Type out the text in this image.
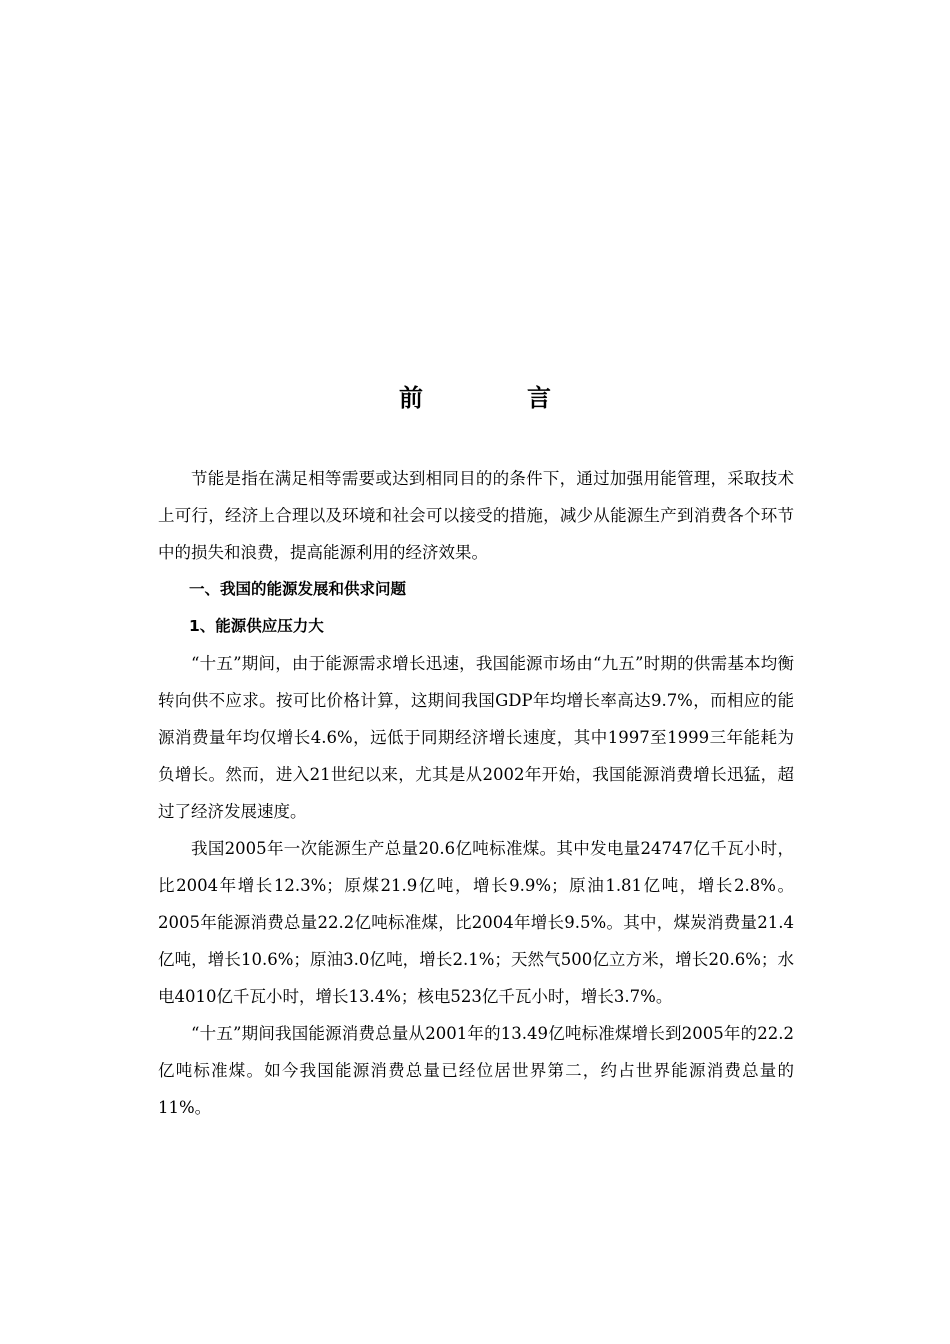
前　言

节能是指在满足相等需要或达到相同目的的条件下，通过加强用能管理，采取技术上可行，经济上合理以及环境和社会可以接受的措施，减少从能源生产到消费各个环节中的损失和浪费，提高能源利用的经济效果。

一、我国的能源发展和供求问题

1、能源供应压力大

“十五”期间，由于能源需求增长迅速，我国能源市场由“九五”时期的供需基本均衡转向供不应求。按可比价格计算，这期间我国GDP年均增长率高达9.7%，而相应的能源消费量年均仅增长4.6%，远低于同期经济增长速度，其中1997至1999三年能耗为负增长。然而，进入21世纪以来，尤其是从2002年开始，我国能源消费增长迅猛，超过了经济发展速度。

我国2005年一次能源生产总量20.6亿吨标准煤。其中发电量24747亿千瓦小时，比2004年增长12.3%；原煤21.9亿吨，增长9.9%；原油1.81亿吨，增长2.8%。2005年能源消费总量22.2亿吨标准煤，比2004年增长9.5%。其中，煤炭消费量21.4亿吨，增长10.6%；原油3.0亿吨，增长2.1%；天然气500亿立方米，增长20.6%；水电4010亿千瓦小时，增长13.4%；核电523亿千瓦小时，增长3.7%。

“十五”期间我国能源消费总量从2001年的13.49亿吨标准煤增长到2005年的22.2亿吨标准煤。如今我国能源消费总量已经位居世界第二，约占世界能源消费总量的11%。
